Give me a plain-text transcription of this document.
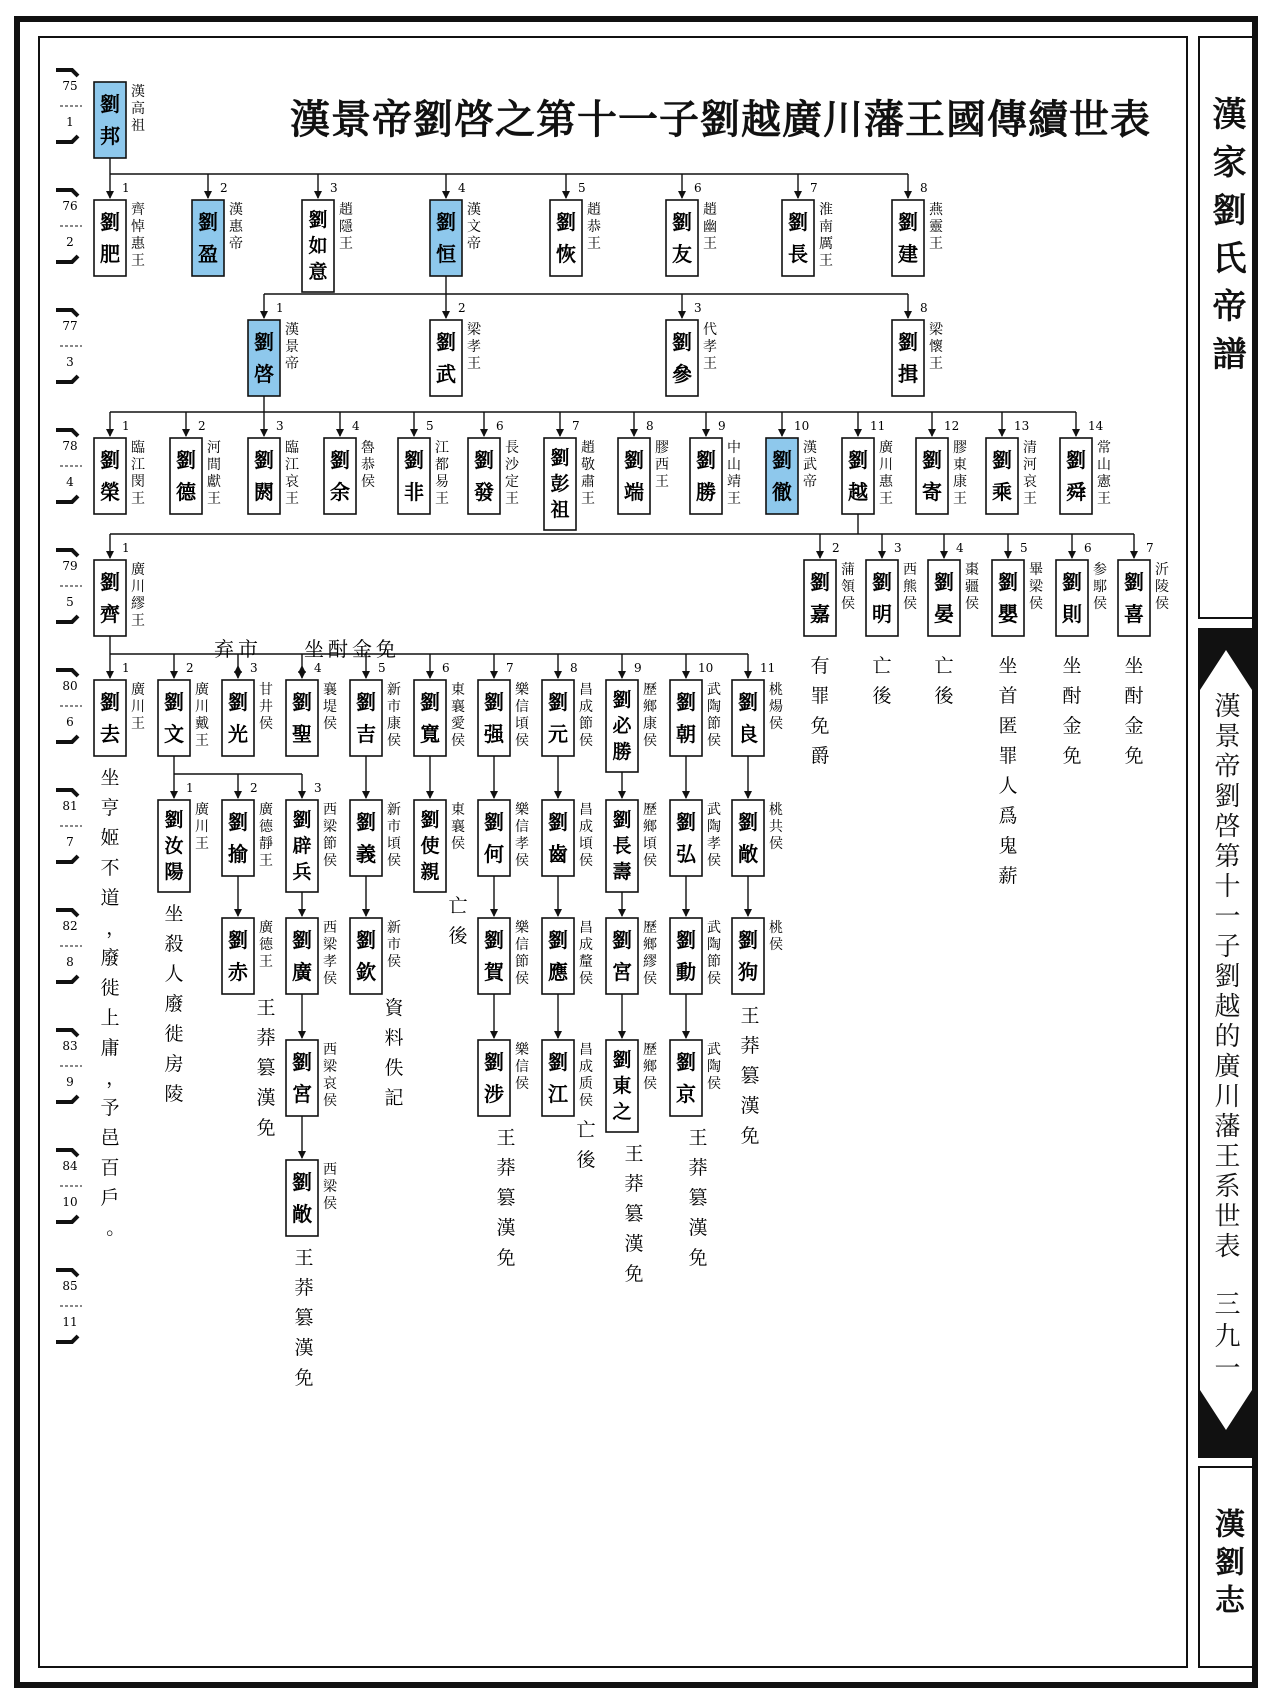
漢景帝劉啓之第十一子劉越廣川藩王國傳續世表 漢家劉氏帝譜
漢景帝劉啓第十一子劉越的廣川藩王系世表
三九一
漢劉志
劉
邦
漢
高
祖
劉
肥
齊
悼
惠
王
1
劉
盈
漢
惠
帝
2
劉
如
意
趙
隱
王
3
劉
恒
漢
文
帝
4
劉
恢
趙
恭
王
5
劉
友
趙
幽
王
6
劉
長
淮
南
厲
王
7
劉
建
燕
靈
王
8
劉
啓
漢
景
帝
1
劉
武
梁
孝
王
2
劉
參
代
孝
王
3
劉
揖
梁
懷
王
8
劉
榮
臨
江
閔
王
1
劉
德
河
間
獻
王
2
劉
閼
臨
江
哀
王
3
劉
余
魯
恭
侯
4
劉
非
江
都
易
王
5
劉
發
長
沙
定
王
6
劉
彭
祖
趙
敬
肅
王
7
劉
端
膠
西
王
8
劉
勝
中
山
靖
王
9
劉
徹
漢
武
帝
10
劉
越
廣
川
惠
王
11
劉
寄
膠
東
康
王
12
劉
乘
清
河
哀
王
13
劉
舜
常
山
憲
王
14
劉
齊
廣
川
繆
王
1
劉
嘉
蒲
領
侯
2
劉
明
西
熊
侯
3
劉
晏
棗
疆
侯
4
劉
嬰
畢
梁
侯
5
劉
則
参
䣕
侯
6
劉
喜
沂
陵
侯
7
劉
去
廣
川
王
1
劉
文
廣
川
戴
王
2
劉
光
甘
井
侯
3
劉
聖
襄
堤
侯
4
劉
吉
新
市
康
侯
5
劉
寬
東
襄
愛
侯
6
劉
强
樂
信
頃
侯
7
劉
元
昌
成
節
侯
8
劉
必
勝
歷
鄉
康
侯
9
劉
朝
武
陶
節
侯
10
劉
良
桃
煬
侯
11
劉
汝
陽
廣
川
王
1
劉
揄
廣
德
靜
王
2
劉
辟
兵
西
梁
節
侯
3
劉
義
新
市
頃
侯
劉
使
親
東
襄
侯
劉
何
樂
信
孝
侯
劉
齒
昌
成
頃
侯
劉
長
壽
歷
鄉
頃
侯
劉
弘
武
陶
孝
侯
劉
敞
桃
共
侯
劉
赤
廣
德
王
劉
廣
西
梁
孝
侯
劉
欽
新
市
侯
劉
賀
樂
信
節
侯
劉
應
昌
成
釐
侯
劉
宮
歷
鄉
繆
侯
劉
動
武
陶
節
侯
劉
狗
桃
侯
劉
宮
西
梁
哀
侯
劉
涉
樂
信
侯
劉
江
昌
成
质
侯
劉
東
之
歷
鄉
侯
劉
京
武
陶
侯
劉
敞
西
梁
侯
有
罪
免
爵
亡
後
亡
後
坐
首
匿
罪
人
爲
鬼
薪
坐
酎
金
免
坐
酎
金
免
坐
亨
姬
不
道
，
廢
徙
上
庸
，
予
邑
百
戶
。
坐
殺
人
廢
徙
房
陵
亡
後
王
莽
篡
漢
免
資
料
佚
記
王
莽
篡
漢
免
王
莽
篡
漢
免
亡
後 王
莽
篡
漢
免
王
莽
篡
漢
免
王
莽
篡
漢
免
弃市 坐酎金免
75
1
76
2
77
3
78
4
79
5
80
6
81
7
82
8
83
9
84
10
85
11
